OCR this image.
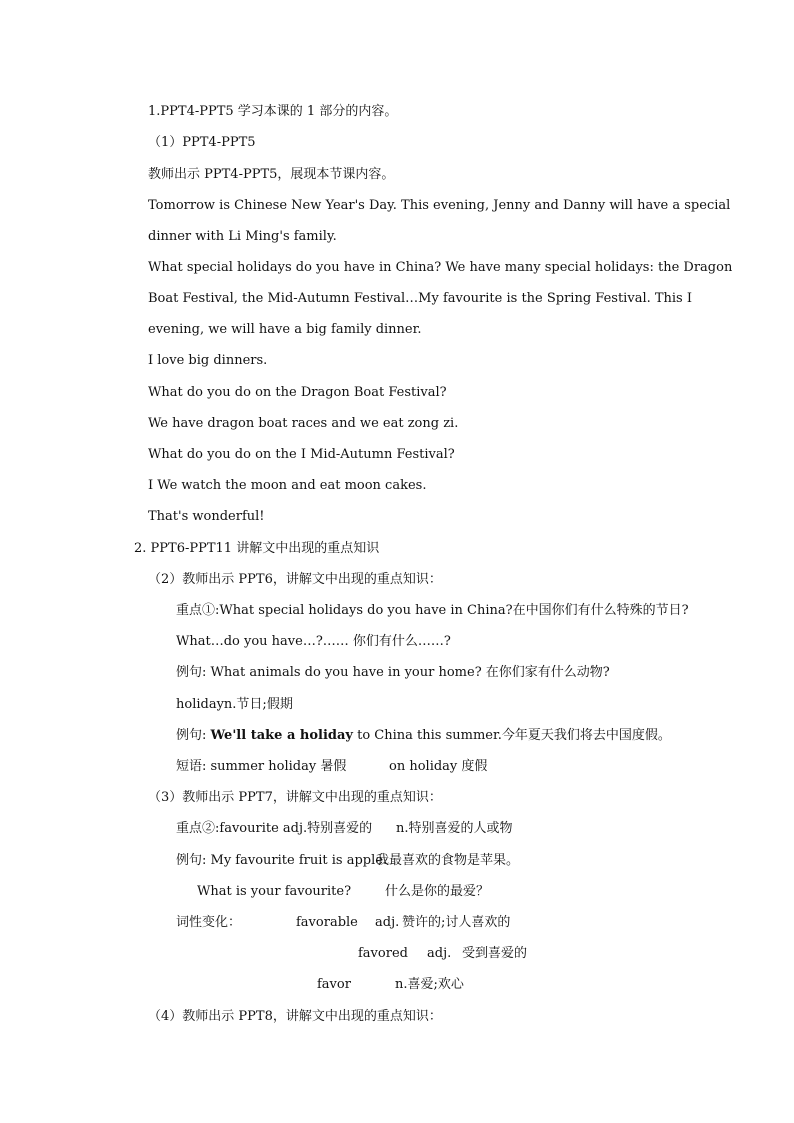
1.PPT4-PPT5 学习本课的 1 部分的内容。
（1）PPT4-PPT5
教师出示 PPT4-PPT5，展现本节课内容。
Tomorrow is Chinese New Year's Day. This evening, Jenny and Danny will have a special
dinner with Li Ming's family.
What special holidays do you have in China? We have many special holidays: the Dragon
Boat Festival, the Mid-Autumn Festival…My favourite is the Spring Festival. This I
evening, we will have a big family dinner.
I love big dinners.
What do you do on the Dragon Boat Festival?
We have dragon boat races and we eat zong zi.
What do you do on the I Mid-Autumn Festival?
I We watch the moon and eat moon cakes.
That's wonderful!
2. PPT6-PPT11 讲解文中出现的重点知识
（2）教师出示 PPT6，讲解文中出现的重点知识：
重点①:What special holidays do you have in China?在中国你们有什么特殊的节日?
What…do you have…?…… 你们有什么……?
例句: What animals do you have in your home? 在你们家有什么动物?
holidayn.节日;假期
例句: We'll take a holiday to China this summer.今年夏天我们将去中国度假。
短语: summer holiday 暑假	on holiday 度假
（3）教师出示 PPT7，讲解文中出现的重点知识：
重点②:favourite adj.特别喜爱的 n.特别喜爱的人或物
例句: My favourite fruit is apple.
我最喜欢的食物是苹果。
What is your favourite?	什么是你的最爱？
词性变化：	favorable adj. 赞许的;讨人喜欢的
favored adj. 受到喜爱的
favor	n.喜爱;欢心
（4）教师出示 PPT8，讲解文中出现的重点知识：
